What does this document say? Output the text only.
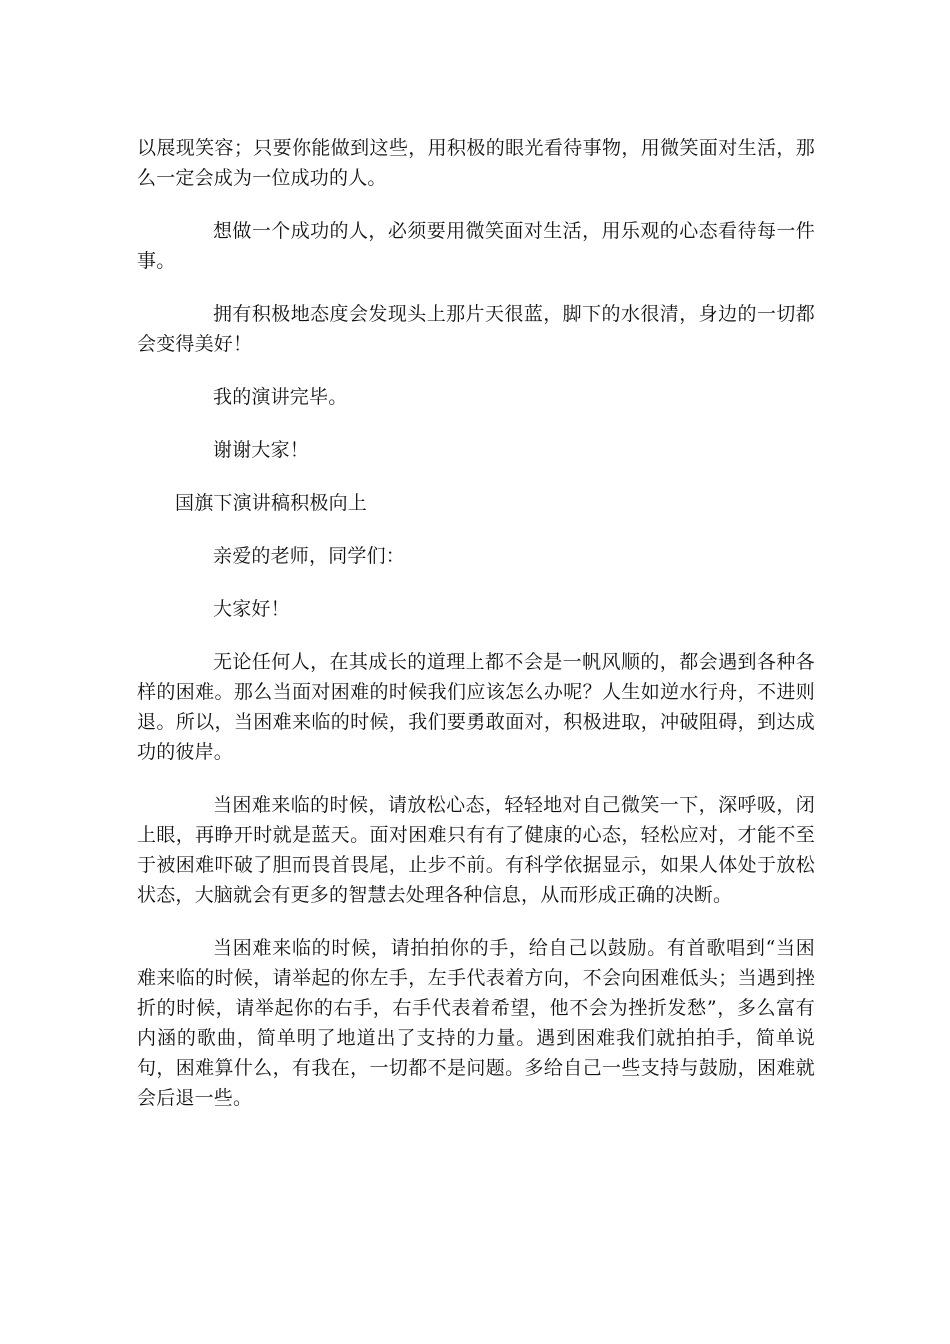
以展现笑容；只要你能做到这些，用积极的眼光看待事物，用微笑面对生活，那么一定会成为一位成功的人。

想做一个成功的人，必须要用微笑面对生活，用乐观的心态看待每一件事。

拥有积极地态度会发现头上那片天很蓝，脚下的水很清，身边的一切都会变得美好！

我的演讲完毕。

谢谢大家！

国旗下演讲稿积极向上

亲爱的老师，同学们：

大家好！

无论任何人，在其成长的道理上都不会是一帆风顺的，都会遇到各种各样的困难。那么当面对困难的时候我们应该怎么办呢？人生如逆水行舟，不进则退。所以，当困难来临的时候，我们要勇敢面对，积极进取，冲破阻碍，到达成功的彼岸。

当困难来临的时候，请放松心态，轻轻地对自己微笑一下，深呼吸，闭上眼，再睁开时就是蓝天。面对困难只有有了健康的心态，轻松应对，才能不至于被困难吓破了胆而畏首畏尾，止步不前。有科学依据显示，如果人体处于放松状态，大脑就会有更多的智慧去处理各种信息，从而形成正确的决断。

当困难来临的时候，请拍拍你的手，给自己以鼓励。有首歌唱到“当困难来临的时候，请举起的你左手，左手代表着方向，不会向困难低头；当遇到挫折的时候，请举起你的右手，右手代表着希望，他不会为挫折发愁”，多么富有内涵的歌曲，简单明了地道出了支持的力量。遇到困难我们就拍拍手，简单说句，困难算什么，有我在，一切都不是问题。多给自己一些支持与鼓励，困难就会后退一些。
